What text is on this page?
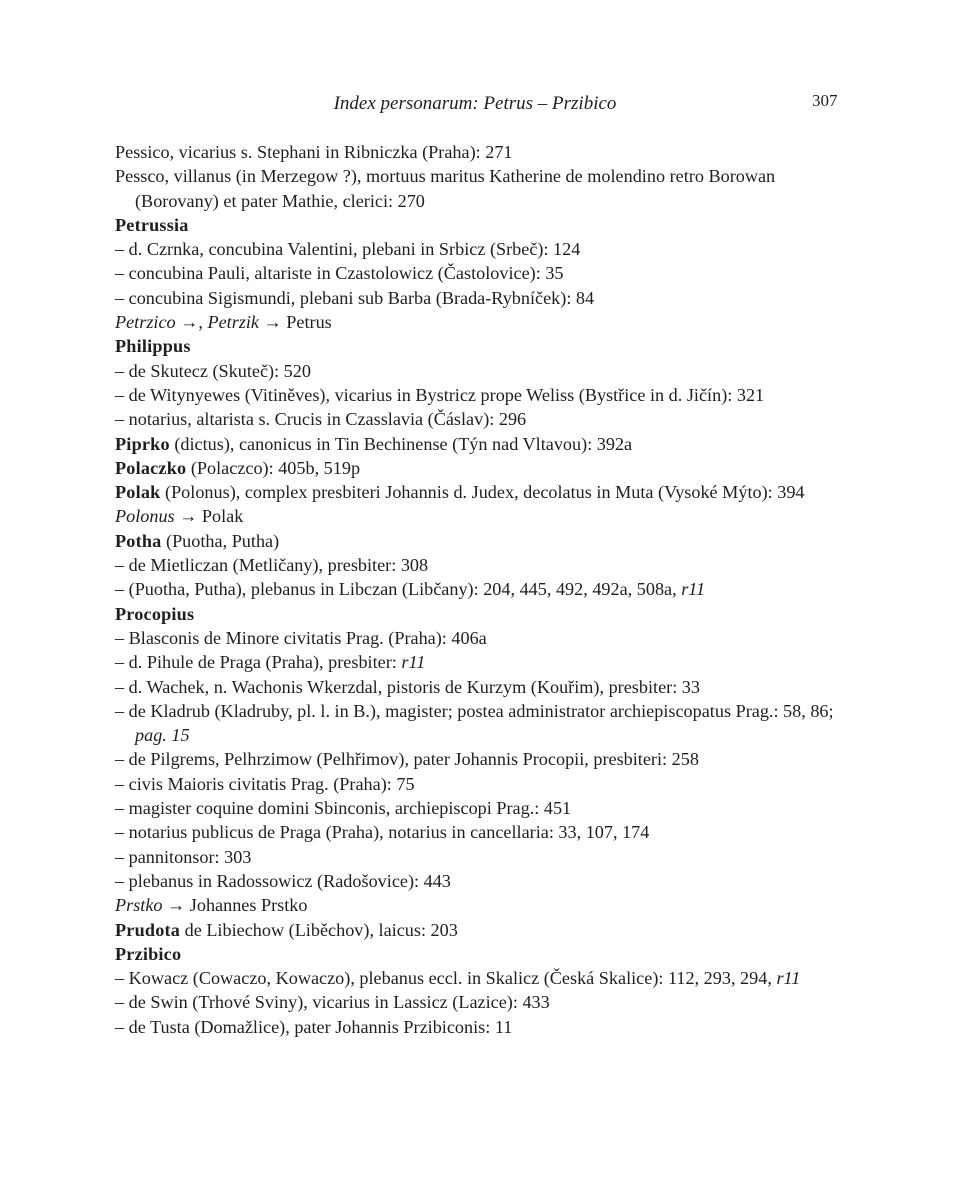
Index personarum: Petrus – Przibico	307

Pessico, vicarius s. Stephani in Ribniczka (Praha): 271

Pessco, villanus (in Merzegow ?), mortuus maritus Katherine de molendino retro Borowan (Borovany) et pater Mathie, clerici: 270

Petrussia

– d. Czrnka, concubina Valentini, plebani in Srbicz (Srbeč): 124

– concubina Pauli, altariste in Czastolowicz (Častolovice): 35

– concubina Sigismundi, plebani sub Barba (Brada-Rybníček): 84

Petrzico →, Petrzik → Petrus

Philippus

– de Skutecz (Skuteč): 520

– de Witynyewes (Vitiněves), vicarius in Bystricz prope Weliss (Bystřice in d. Jičín): 321

– notarius, altarista s. Crucis in Czasslavia (Čáslav): 296

Piprko (dictus), canonicus in Tin Bechinense (Týn nad Vltavou): 392a

Polaczko (Polaczco): 405b, 519p

Polak (Polonus), complex presbiteri Johannis d. Judex, decolatus in Muta (Vysoké Mýto): 394

Polonus → Polak

Potha (Puotha, Putha)

– de Mietliczan (Metličany), presbiter: 308

– (Puotha, Putha), plebanus in Libczan (Libčany): 204, 445, 492, 492a, 508a, r11

Procopius

– Blasconis de Minore civitatis Prag. (Praha): 406a

– d. Pihule de Praga (Praha), presbiter: r11

– d. Wachek, n. Wachonis Wkerzdal, pistoris de Kurzym (Kouřim), presbiter: 33

– de Kladrub (Kladruby, pl. l. in B.), magister; postea administrator archiepiscopatus Prag.: 58, 86; pag. 15

– de Pilgrems, Pelhrzimow (Pelhřimov), pater Johannis Procopii, presbiteri: 258

– civis Maioris civitatis Prag. (Praha): 75

– magister coquine domini Sbinconis, archiepiscopi Prag.: 451

– notarius publicus de Praga (Praha), notarius in cancellaria: 33, 107, 174

– pannitonsor: 303

– plebanus in Radossowicz (Radošovice): 443

Prstko → Johannes Prstko

Prudota de Libiechow (Liběchov), laicus: 203

Przibico

– Kowacz (Cowaczo, Kowaczo), plebanus eccl. in Skalicz (Česká Skalice): 112, 293, 294, r11

– de Swin (Trhové Sviny), vicarius in Lassicz (Lazice): 433

– de Tusta (Domažlice), pater Johannis Przibiconis: 11
